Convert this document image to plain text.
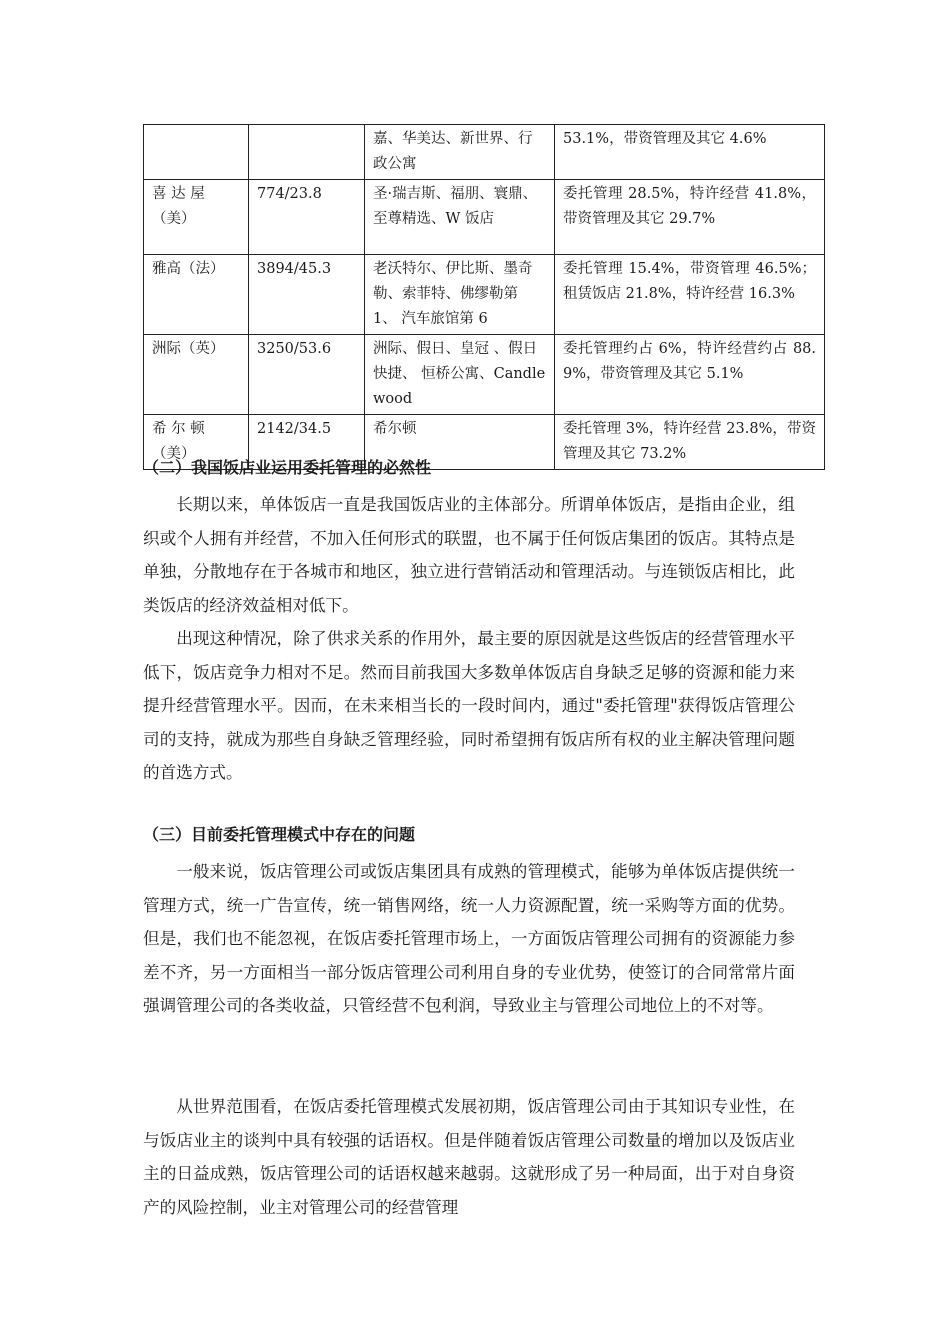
		嘉、华美达、新世界、行政公寓	53.1%，带资管理及其它 4.6%
喜 达 屋（美）	774/23.8	圣·瑞吉斯、福朋、寰鼎、至尊精选、W 饭店	委托管理 28.5%，特许经营 41.8%，带资管理及其它 29.7%
雅高（法）	3894/45.3	老沃特尔、伊比斯、墨奇勒、索菲特、佛缪勒第 1、 汽车旅馆第 6	委托管理 15.4%，带资管理 46.5%；租赁饭店 21.8%，特许经营 16.3%
洲际（英）	3250/53.6	洲际、假日、皇冠 、假日快捷、 恒桥公寓、Candlewood	委托管理约占 6%，特许经营约占 88.9%，带资管理及其它 5.1%
希 尔 顿（美）	2142/34.5	希尔顿	委托管理 3%，特许经营 23.8%，带资管理及其它 73.2%
（二）我国饭店业运用委托管理的必然性

长期以来，单体饭店一直是我国饭店业的主体部分。所谓单体饭店，是指由企业，组织或个人拥有并经营，不加入任何形式的联盟，也不属于任何饭店集团的饭店。其特点是单独，分散地存在于各城市和地区，独立进行营销活动和管理活动。与连锁饭店相比，此类饭店的经济效益相对低下。

出现这种情况，除了供求关系的作用外，最主要的原因就是这些饭店的经营管理水平低下，饭店竞争力相对不足。然而目前我国大多数单体饭店自身缺乏足够的资源和能力来提升经营管理水平。因而，在未来相当长的一段时间内，通过"委托管理"获得饭店管理公司的支持，就成为那些自身缺乏管理经验，同时希望拥有饭店所有权的业主解决管理问题的首选方式。

（三）目前委托管理模式中存在的问题

一般来说，饭店管理公司或饭店集团具有成熟的管理模式，能够为单体饭店提供统一管理方式，统一广告宣传，统一销售网络，统一人力资源配置，统一采购等方面的优势。但是，我们也不能忽视，在饭店委托管理市场上，一方面饭店管理公司拥有的资源能力参差不齐，另一方面相当一部分饭店管理公司利用自身的专业优势，使签订的合同常常片面强调管理公司的各类收益，只管经营不包利润，导致业主与管理公司地位上的不对等。

从世界范围看，在饭店委托管理模式发展初期，饭店管理公司由于其知识专业性，在与饭店业主的谈判中具有较强的话语权。但是伴随着饭店管理公司数量的增加以及饭店业主的日益成熟，饭店管理公司的话语权越来越弱。这就形成了另一种局面，出于对自身资产的风险控制，业主对管理公司的经营管理
